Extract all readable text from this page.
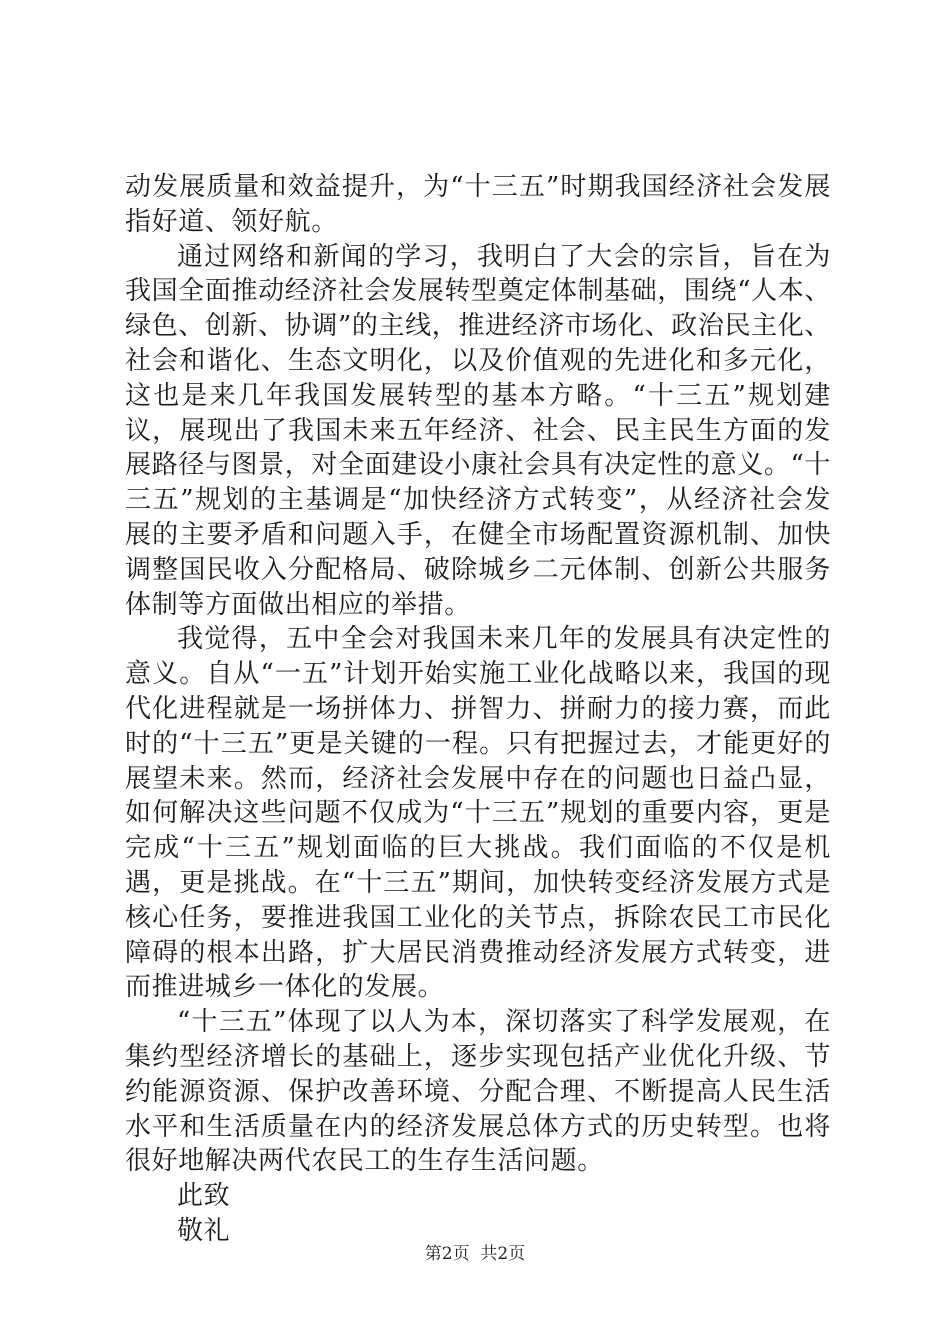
动发展质量和效益提升，为“十三五”时期我国经济社会发展指好道、领好航。

通过网络和新闻的学习，我明白了大会的宗旨，旨在为我国全面推动经济社会发展转型奠定体制基础，围绕“人本、绿色、创新、协调”的主线，推进经济市场化、政治民主化、社会和谐化、生态文明化，以及价值观的先进化和多元化，这也是来几年我国发展转型的基本方略。“十三五”规划建议，展现出了我国未来五年经济、社会、民主民生方面的发展路径与图景，对全面建设小康社会具有决定性的意义。“十三五”规划的主基调是“加快经济方式转变”，从经济社会发展的主要矛盾和问题入手，在健全市场配置资源机制、加快调整国民收入分配格局、破除城乡二元体制、创新公共服务体制等方面做出相应的举措。

我觉得，五中全会对我国未来几年的发展具有决定性的意义。自从“一五”计划开始实施工业化战略以来，我国的现代化进程就是一场拼体力、拼智力、拼耐力的接力赛，而此时的“十三五”更是关键的一程。只有把握过去，才能更好的展望未来。然而，经济社会发展中存在的问题也日益凸显，如何解决这些问题不仅成为“十三五”规划的重要内容，更是完成“十三五”规划面临的巨大挑战。我们面临的不仅是机遇，更是挑战。在“十三五”期间，加快转变经济发展方式是核心任务，要推进我国工业化的关节点，拆除农民工市民化障碍的根本出路，扩大居民消费推动经济发展方式转变，进而推进城乡一体化的发展。

“十三五”体现了以人为本，深切落实了科学发展观，在集约型经济增长的基础上，逐步实现包括产业优化升级、节约能源资源、保护改善环境、分配合理、不断提高人民生活水平和生活质量在内的经济发展总体方式的历史转型。也将很好地解决两代农民工的生存生活问题。

此致

敬礼

第2页  共2页
